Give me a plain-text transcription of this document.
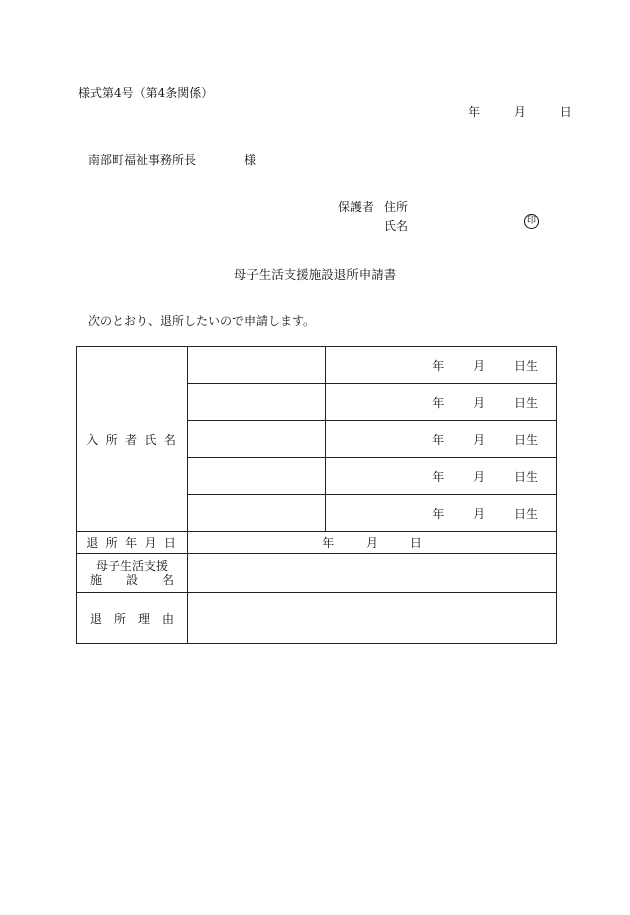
様式第4号（第4条関係）
年	月	日
南部町福祉事務所長	様
保護者 住所
氏名	印
母子生活支援施設退所申請書
次のとおり、退所したいので申請します。
入 所 者 氏 名		年 月 日生
		年 月 日生
		年 月 日生
		年 月 日生
		年 月 日生
退 所 年 月 日	年 月 日	
母子生活支援
施　　設　　名		

退　所　理　由		
